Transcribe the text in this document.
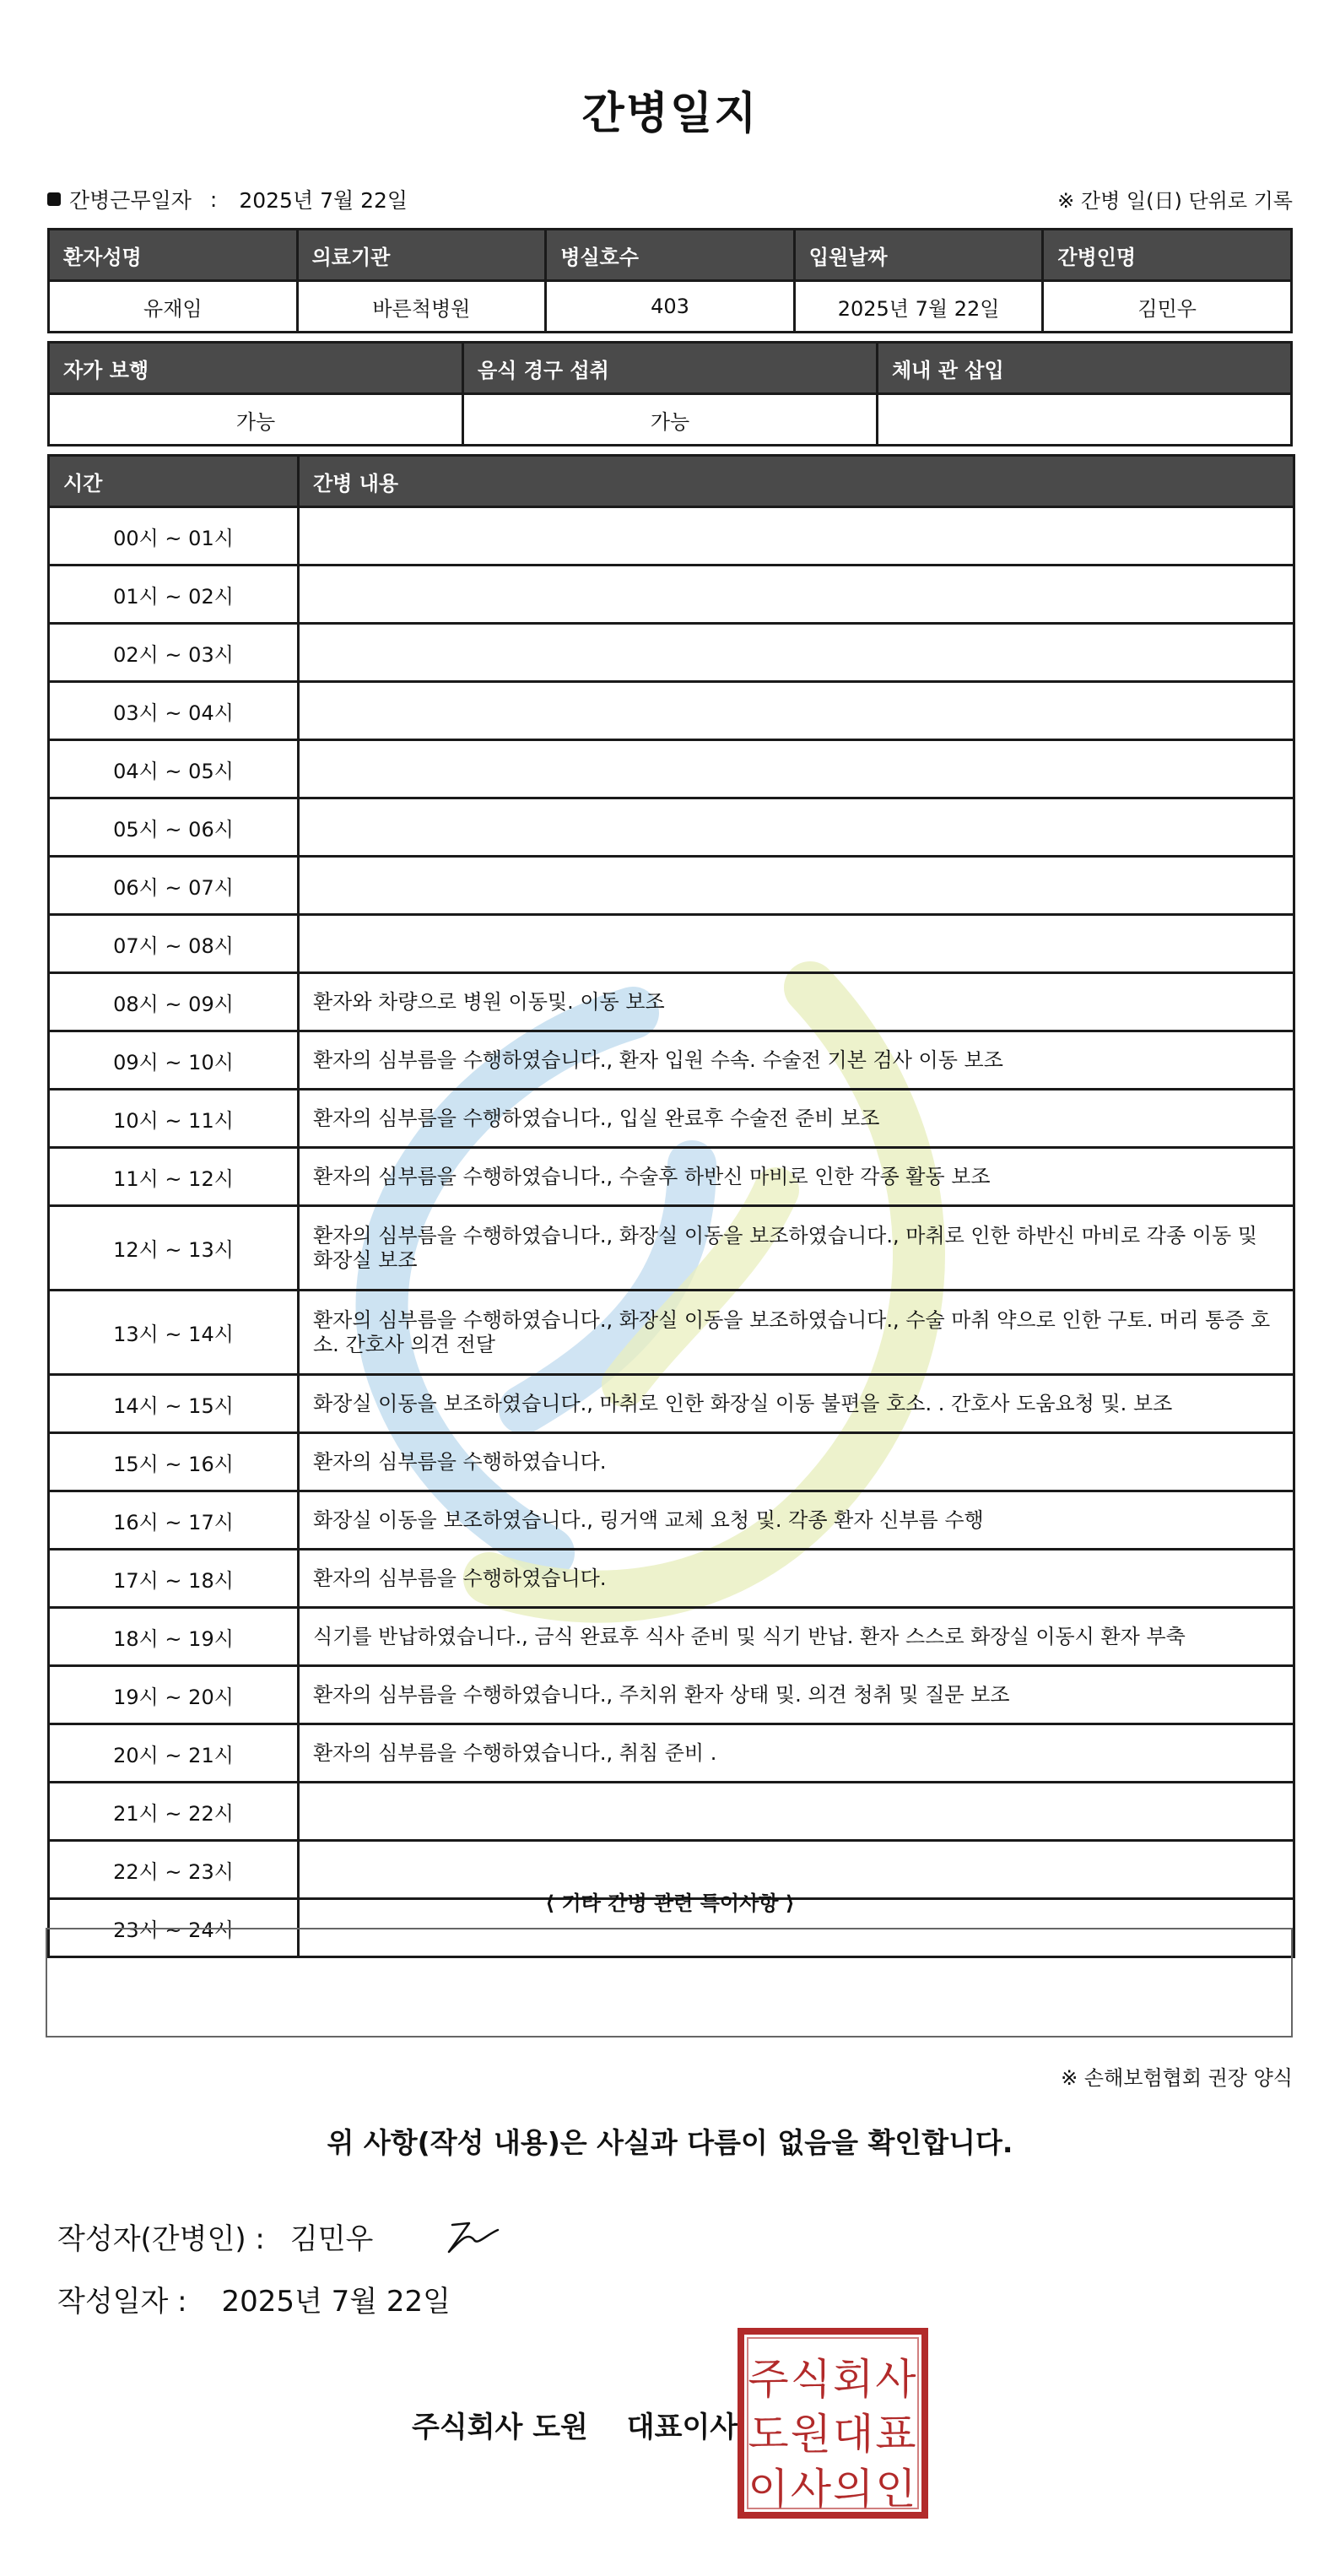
간병일지
간병근무일자 : 2025년 7월 22일	※ 간병 일(日) 단위로 기록
환자성명	의료기관	병실호수	입원날짜	간병인명
유재임	바른척병원	403	2025년 7월 22일	김민우
자가 보행	음식 경구 섭취	체내 관 삽입
가능	가능	
시간	간병 내용
00시 ~ 01시	
01시 ~ 02시	
02시 ~ 03시	
03시 ~ 04시	
04시 ~ 05시	
05시 ~ 06시	
06시 ~ 07시	
07시 ~ 08시	
08시 ~ 09시	환자와 차량으로 병원 이동및. 이동 보조
09시 ~ 10시	환자의 심부름을 수행하였습니다., 환자 입원 수속. 수술전 기본 검사 이동 보조
10시 ~ 11시	환자의 심부름을 수행하였습니다., 입실 완료후 수술전 준비 보조
11시 ~ 12시	환자의 심부름을 수행하였습니다., 수술후 하반신 마비로 인한 각종 활동 보조
12시 ~ 13시	환자의 심부름을 수행하였습니다., 화장실 이동을 보조하였습니다., 마취로 인한 하반신 마비로 각종 이동 및 화장실 보조
13시 ~ 14시	환자의 심부름을 수행하였습니다., 화장실 이동을 보조하였습니다., 수술 마취 약으로 인한 구토. 머리 통증 호소. 간호사 의견 전달
14시 ~ 15시	화장실 이동을 보조하였습니다., 마취로 인한 화장실 이동 불편을 호소. . 간호사 도움요청 및. 보조
15시 ~ 16시	환자의 심부름을 수행하였습니다.
16시 ~ 17시	화장실 이동을 보조하였습니다., 링거액 교체 요청 및. 각종 환자 신부름 수행
17시 ~ 18시	환자의 심부름을 수행하였습니다.
18시 ~ 19시	식기를 반납하였습니다., 금식 완료후 식사 준비 및 식기 반납. 환자 스스로 화장실 이동시 환자 부축
19시 ~ 20시	환자의 심부름을 수행하였습니다., 주치위 환자 상태 및. 의견 청취 및 질문 보조
20시 ~ 21시	환자의 심부름을 수행하였습니다., 취침 준비 .
21시 ~ 22시	
22시 ~ 23시	
23시 ~ 24시	
⟨ 기타 간병 관련 특이사항 ⟩
※ 손해보험협회 권장 양식
위 사항(작성 내용)은 사실과 다름이 없음을 확인합니다.
작성자(간병인) : 김민우
작성일자 : 2025년 7월 22일
주식회사 도원 대표이사
주식회사
도원대표
이사의인
